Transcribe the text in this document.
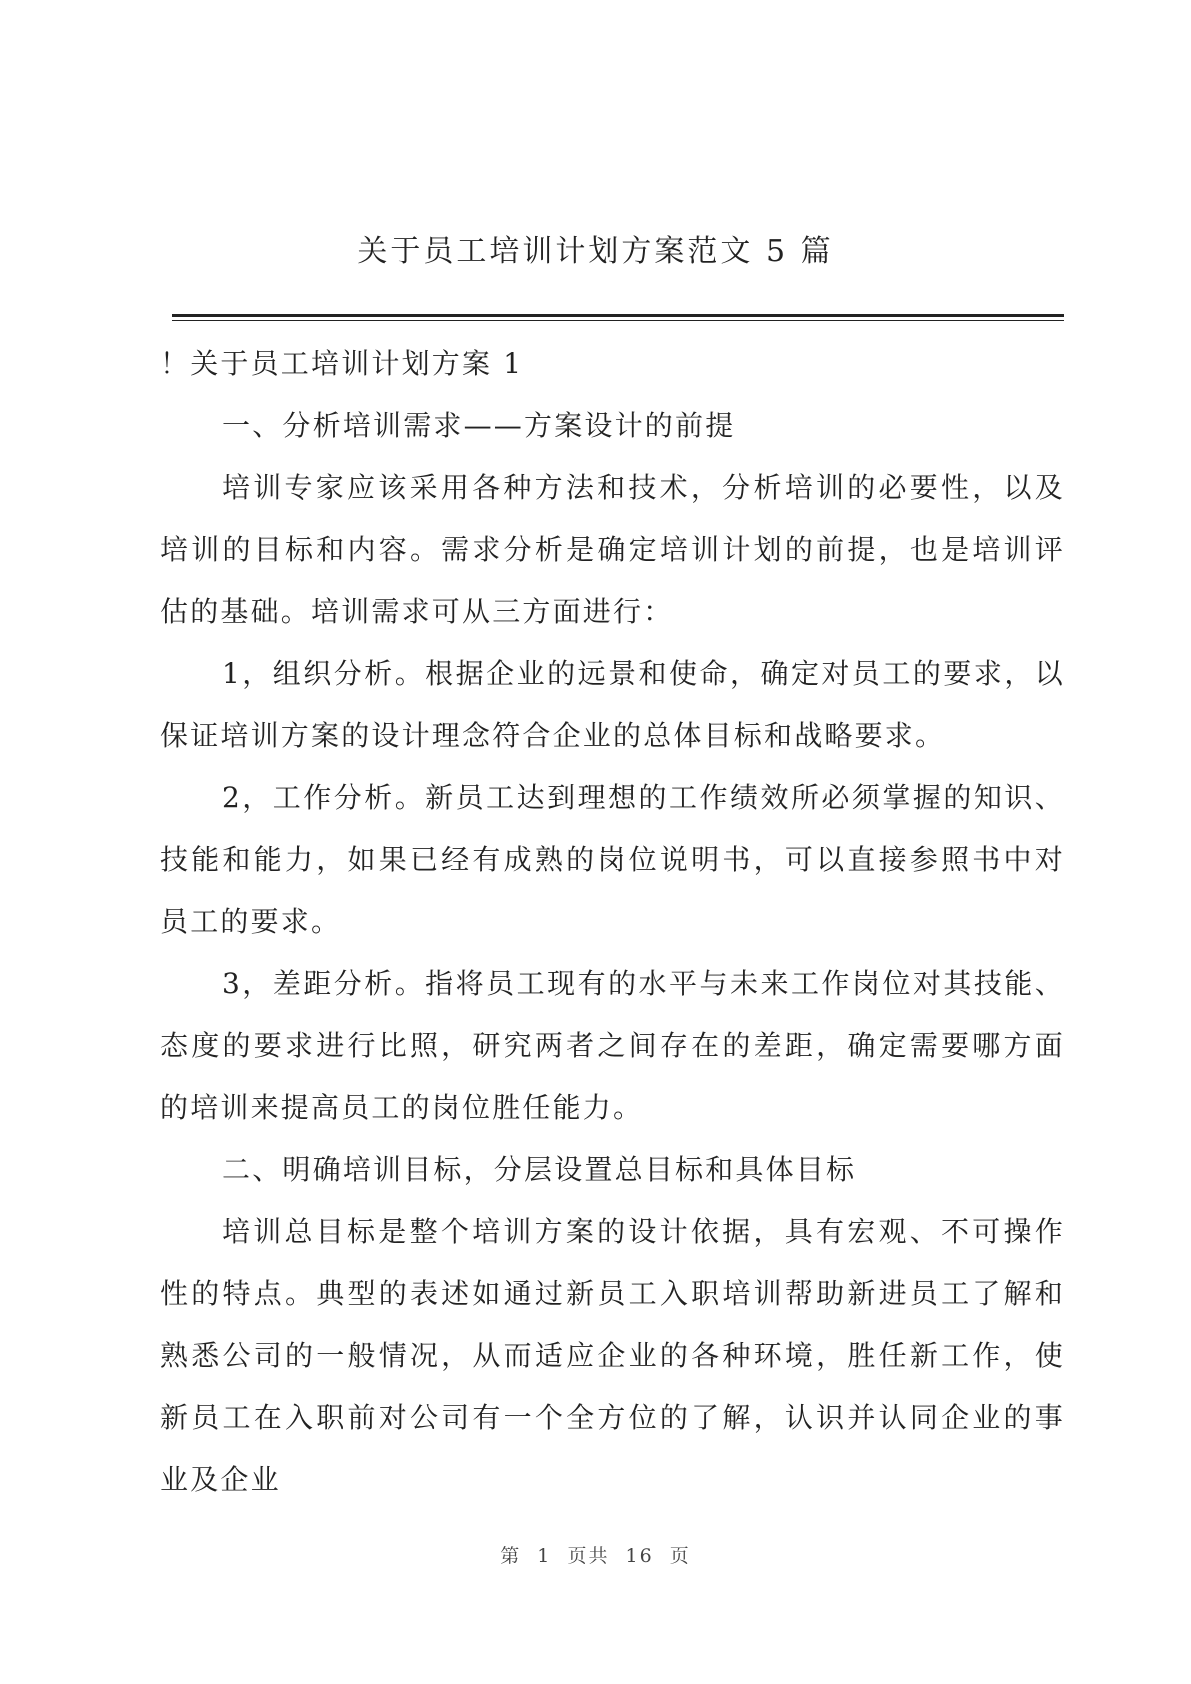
关于员工培训计划方案范文 5 篇

！关于员工培训计划方案 1

一、分析培训需求——方案设计的前提

培训专家应该采用各种方法和技术，分析培训的必要性，以及培训的目标和内容。需求分析是确定培训计划的前提，也是培训评估的基础。培训需求可从三方面进行：

1，组织分析。根据企业的远景和使命，确定对员工的要求，以保证培训方案的设计理念符合企业的总体目标和战略要求。

2，工作分析。新员工达到理想的工作绩效所必须掌握的知识、技能和能力，如果已经有成熟的岗位说明书，可以直接参照书中对员工的要求。

3，差距分析。指将员工现有的水平与未来工作岗位对其技能、态度的要求进行比照，研究两者之间存在的差距，确定需要哪方面的培训来提高员工的岗位胜任能力。

二、明确培训目标，分层设置总目标和具体目标

培训总目标是整个培训方案的设计依据，具有宏观、不可操作性的特点。典型的表述如通过新员工入职培训帮助新进员工了解和熟悉公司的一般情况，从而适应企业的各种环境，胜任新工作，使新员工在入职前对公司有一个全方位的了解，认识并认同企业的事业及企业

第  1  页共  16  页
